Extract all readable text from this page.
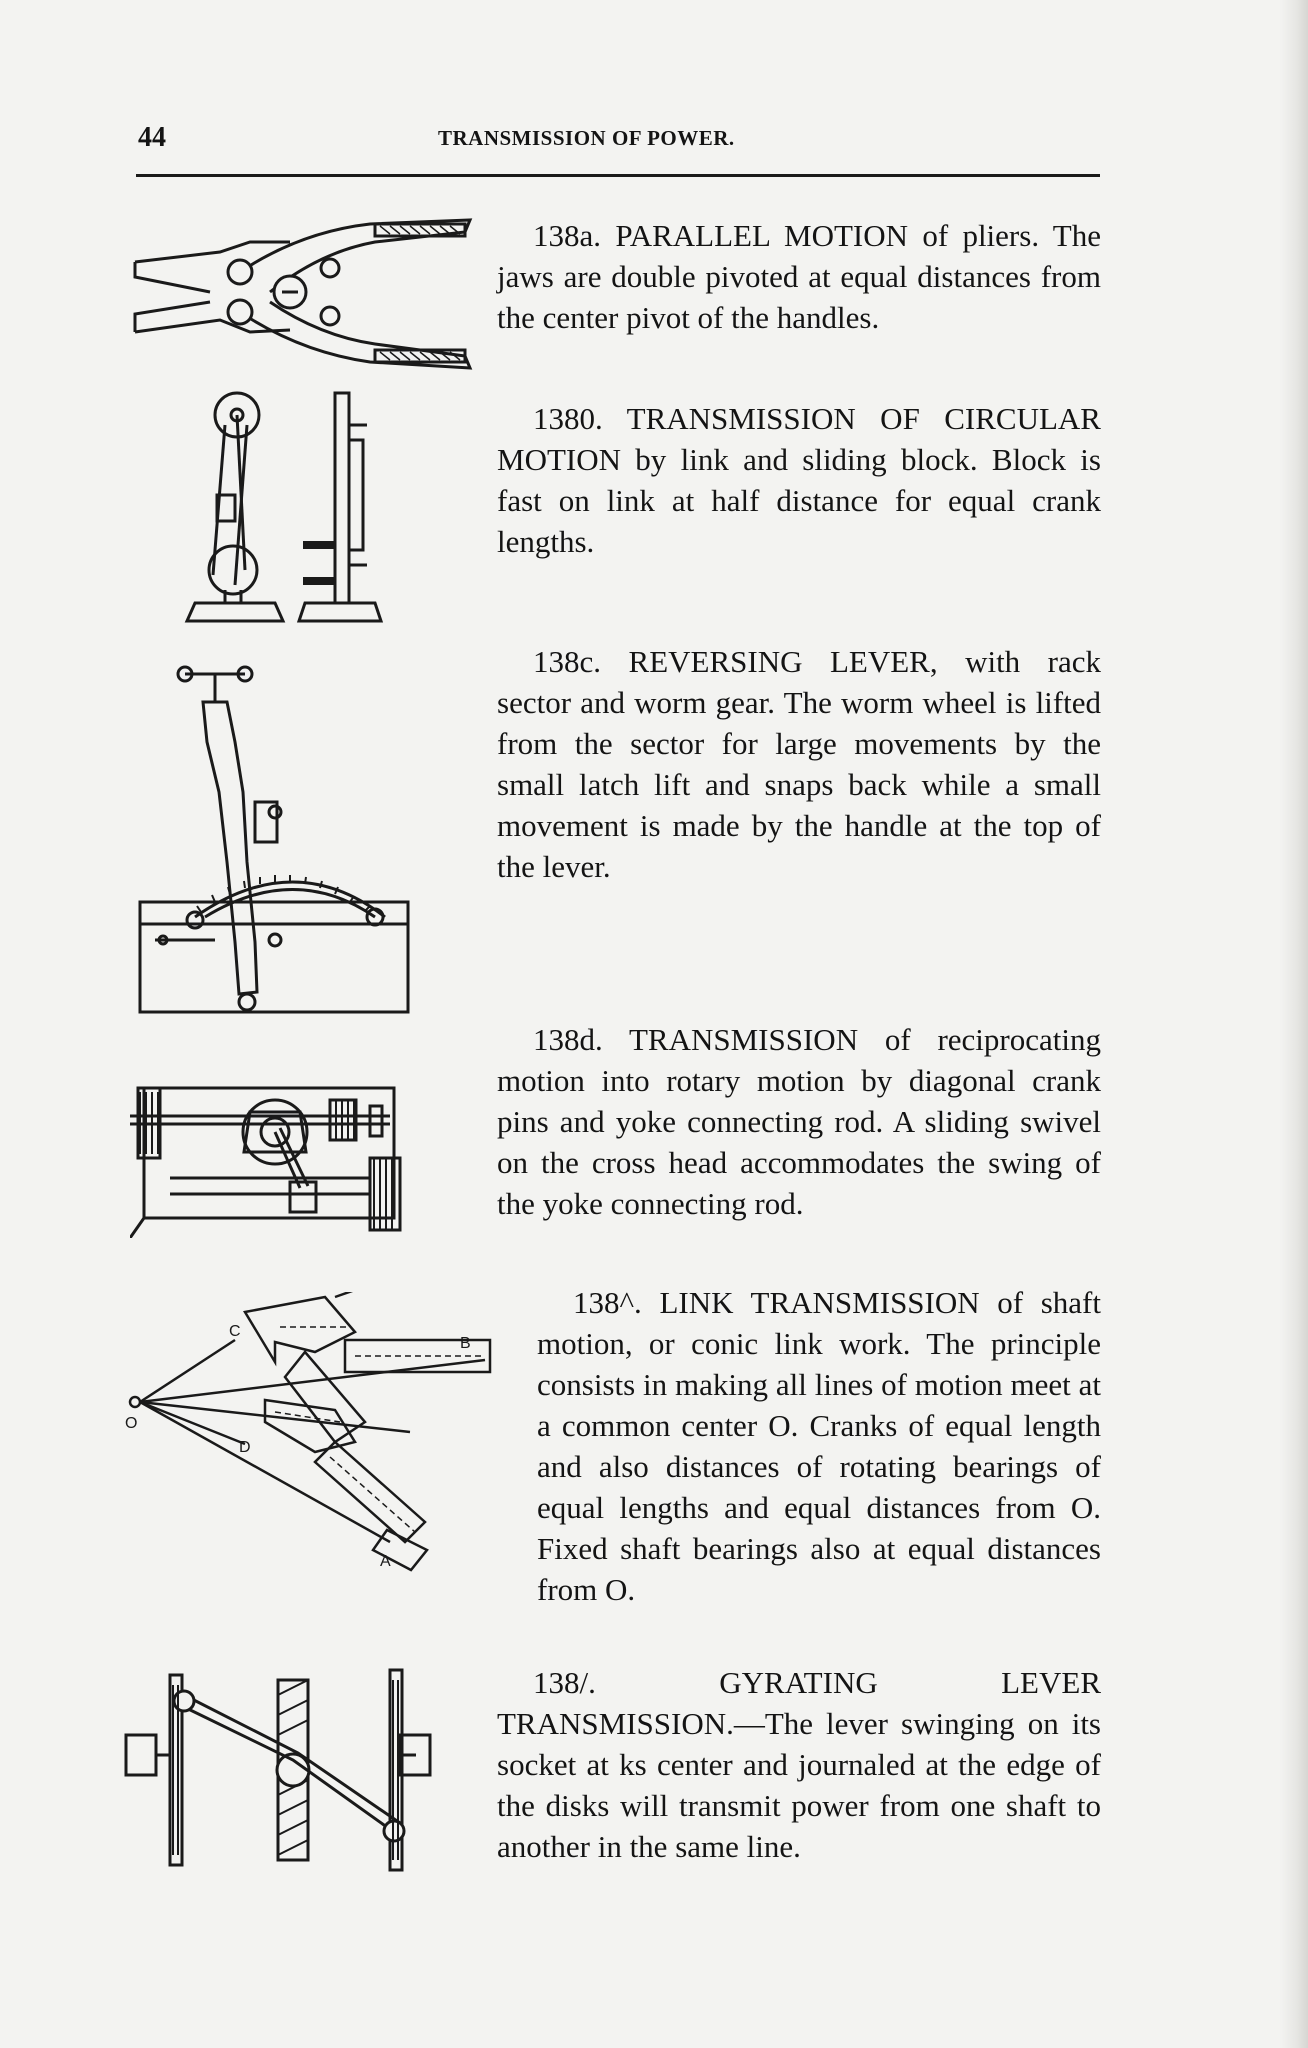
44	TRANSMISSION OF POWER.

138a. PARALLEL MOTION of pliers. The jaws are double pivoted at equal distances from the center pivot of the handles.

1380. TRANSMISSION OF CIRCULAR MOTION by link and sliding block. Block is fast on link at half distance for equal crank lengths.

138c. REVERSING LEVER, with rack sector and worm gear. The worm wheel is lifted from the sector for large movements by the small latch lift and snaps back while a small movement is made by the handle at the top of the lever.

138d. TRANSMISSION of reciprocating motion into rotary motion by diagonal crank pins and yoke connecting rod. A sliding swivel on the cross head accommodates the swing of the yoke connecting rod.

C
B
O
D
A

138^. LINK TRANSMISSION of shaft motion, or conic link work. The principle consists in making all lines of motion meet at a common center O. Cranks of equal length and also distances of rotating bearings of equal lengths and equal distances from O. Fixed shaft bearings also at equal distances from O.

138/.	GYRATING LEVER TRANSMISSION.—The lever swinging on its socket at ks center and journaled at the edge of the disks will transmit power from one shaft to another in the same line.
